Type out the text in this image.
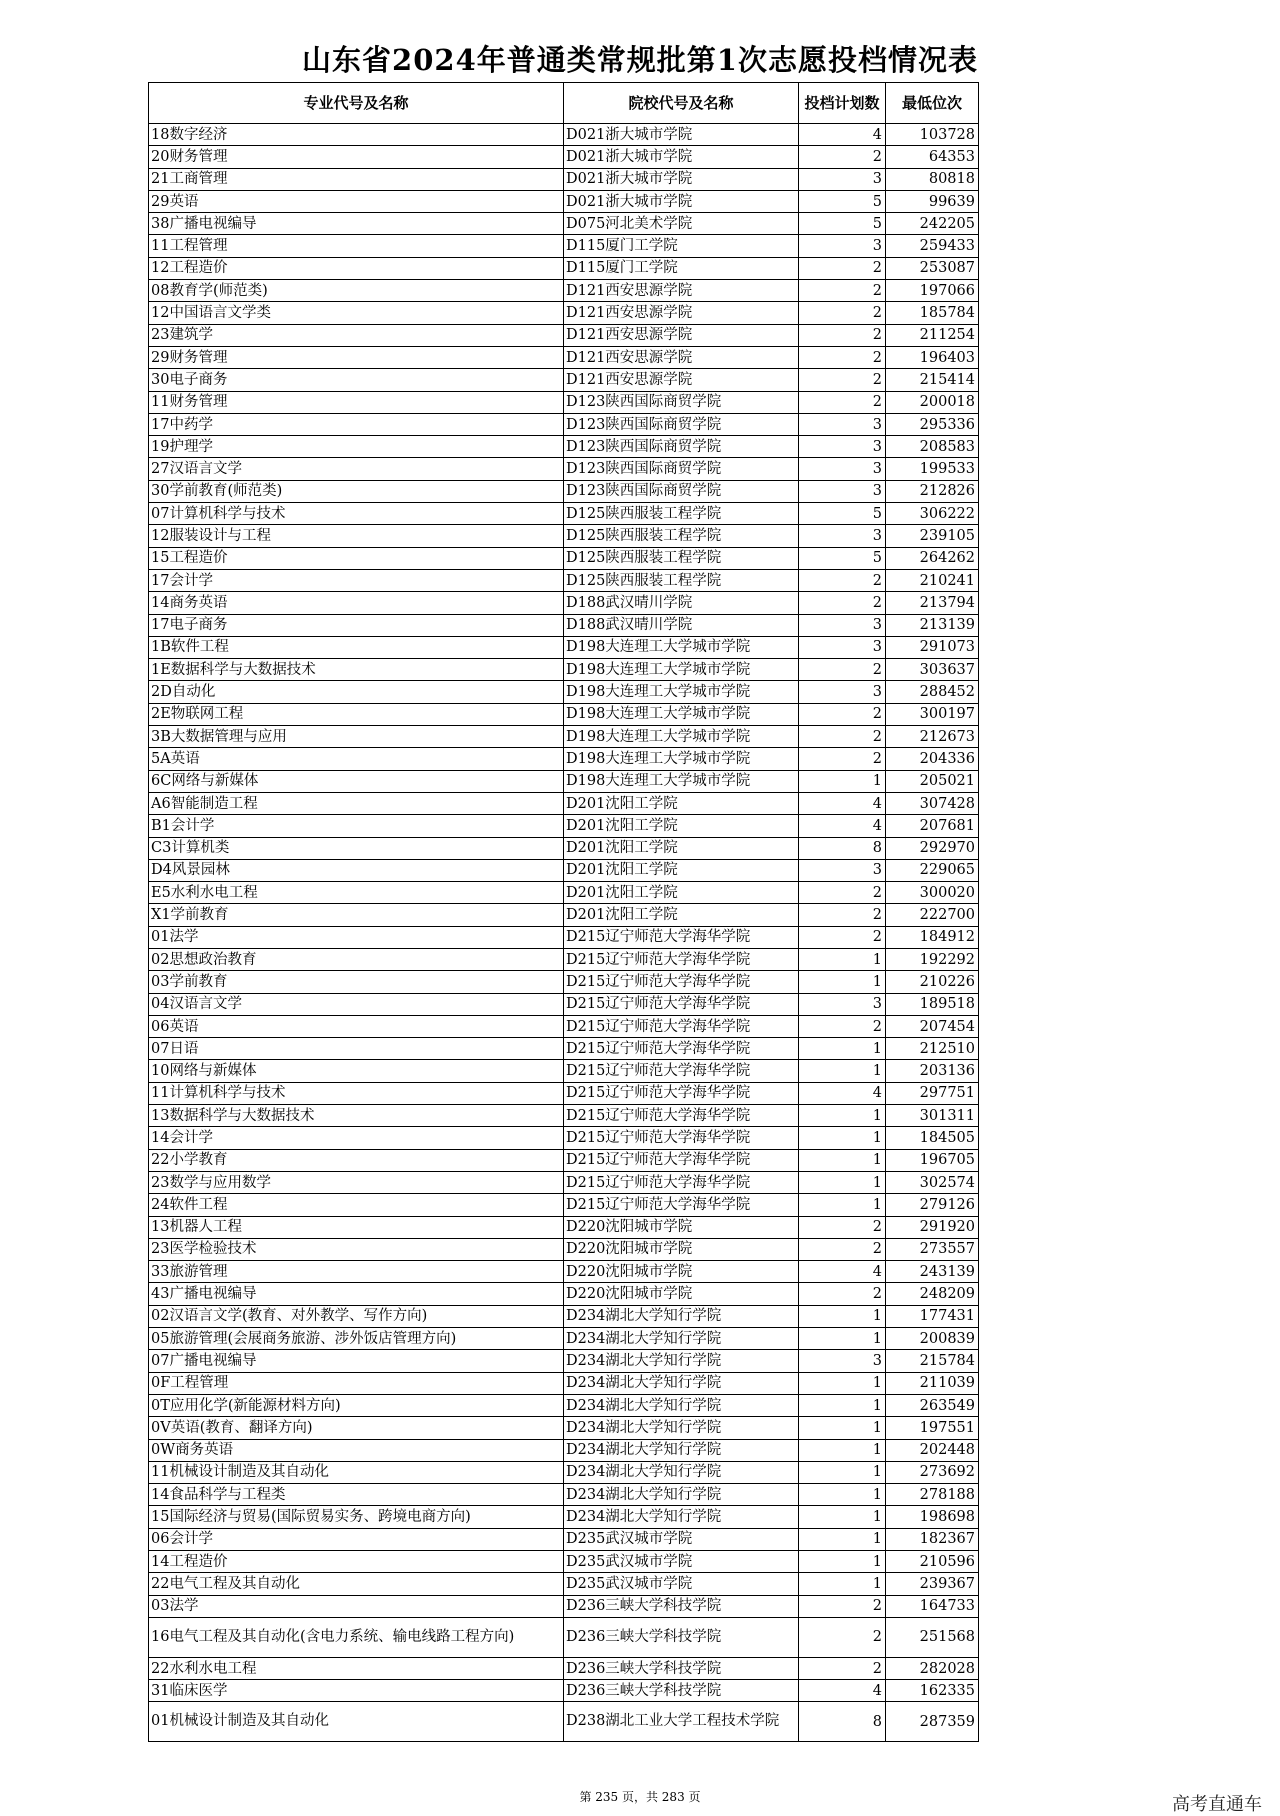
山东省2024年普通类常规批第1次志愿投档情况表
专业代号及名称	院校代号及名称	投档计划数	最低位次
18数字经济	D021浙大城市学院	4	103728
20财务管理	D021浙大城市学院	2	64353
21工商管理	D021浙大城市学院	3	80818
29英语	D021浙大城市学院	5	99639
38广播电视编导	D075河北美术学院	5	242205
11工程管理	D115厦门工学院	3	259433
12工程造价	D115厦门工学院	2	253087
08教育学(师范类)	D121西安思源学院	2	197066
12中国语言文学类	D121西安思源学院	2	185784
23建筑学	D121西安思源学院	2	211254
29财务管理	D121西安思源学院	2	196403
30电子商务	D121西安思源学院	2	215414
11财务管理	D123陕西国际商贸学院	2	200018
17中药学	D123陕西国际商贸学院	3	295336
19护理学	D123陕西国际商贸学院	3	208583
27汉语言文学	D123陕西国际商贸学院	3	199533
30学前教育(师范类)	D123陕西国际商贸学院	3	212826
07计算机科学与技术	D125陕西服装工程学院	5	306222
12服装设计与工程	D125陕西服装工程学院	3	239105
15工程造价	D125陕西服装工程学院	5	264262
17会计学	D125陕西服装工程学院	2	210241
14商务英语	D188武汉晴川学院	2	213794
17电子商务	D188武汉晴川学院	3	213139
1B软件工程	D198大连理工大学城市学院	3	291073
1E数据科学与大数据技术	D198大连理工大学城市学院	2	303637
2D自动化	D198大连理工大学城市学院	3	288452
2E物联网工程	D198大连理工大学城市学院	2	300197
3B大数据管理与应用	D198大连理工大学城市学院	2	212673
5A英语	D198大连理工大学城市学院	2	204336
6C网络与新媒体	D198大连理工大学城市学院	1	205021
A6智能制造工程	D201沈阳工学院	4	307428
B1会计学	D201沈阳工学院	4	207681
C3计算机类	D201沈阳工学院	8	292970
D4风景园林	D201沈阳工学院	3	229065
E5水利水电工程	D201沈阳工学院	2	300020
X1学前教育	D201沈阳工学院	2	222700
01法学	D215辽宁师范大学海华学院	2	184912
02思想政治教育	D215辽宁师范大学海华学院	1	192292
03学前教育	D215辽宁师范大学海华学院	1	210226
04汉语言文学	D215辽宁师范大学海华学院	3	189518
06英语	D215辽宁师范大学海华学院	2	207454
07日语	D215辽宁师范大学海华学院	1	212510
10网络与新媒体	D215辽宁师范大学海华学院	1	203136
11计算机科学与技术	D215辽宁师范大学海华学院	4	297751
13数据科学与大数据技术	D215辽宁师范大学海华学院	1	301311
14会计学	D215辽宁师范大学海华学院	1	184505
22小学教育	D215辽宁师范大学海华学院	1	196705
23数学与应用数学	D215辽宁师范大学海华学院	1	302574
24软件工程	D215辽宁师范大学海华学院	1	279126
13机器人工程	D220沈阳城市学院	2	291920
23医学检验技术	D220沈阳城市学院	2	273557
33旅游管理	D220沈阳城市学院	4	243139
43广播电视编导	D220沈阳城市学院	2	248209
02汉语言文学(教育、对外教学、写作方向)	D234湖北大学知行学院	1	177431
05旅游管理(会展商务旅游、涉外饭店管理方向)	D234湖北大学知行学院	1	200839
07广播电视编导	D234湖北大学知行学院	3	215784
0F工程管理	D234湖北大学知行学院	1	211039
0T应用化学(新能源材料方向)	D234湖北大学知行学院	1	263549
0V英语(教育、翻译方向)	D234湖北大学知行学院	1	197551
0W商务英语	D234湖北大学知行学院	1	202448
11机械设计制造及其自动化	D234湖北大学知行学院	1	273692
14食品科学与工程类	D234湖北大学知行学院	1	278188
15国际经济与贸易(国际贸易实务、跨境电商方向)	D234湖北大学知行学院	1	198698
06会计学	D235武汉城市学院	1	182367
14工程造价	D235武汉城市学院	1	210596
22电气工程及其自动化	D235武汉城市学院	1	239367
03法学	D236三峡大学科技学院	2	164733
16电气工程及其自动化(含电力系统、输电线路工程方向)	D236三峡大学科技学院	2	251568
22水利水电工程	D236三峡大学科技学院	2	282028
31临床医学	D236三峡大学科技学院	4	162335
01机械设计制造及其自动化	D238湖北工业大学工程技术学院	8	287359
第 235 页，共 283 页	高考直通车
